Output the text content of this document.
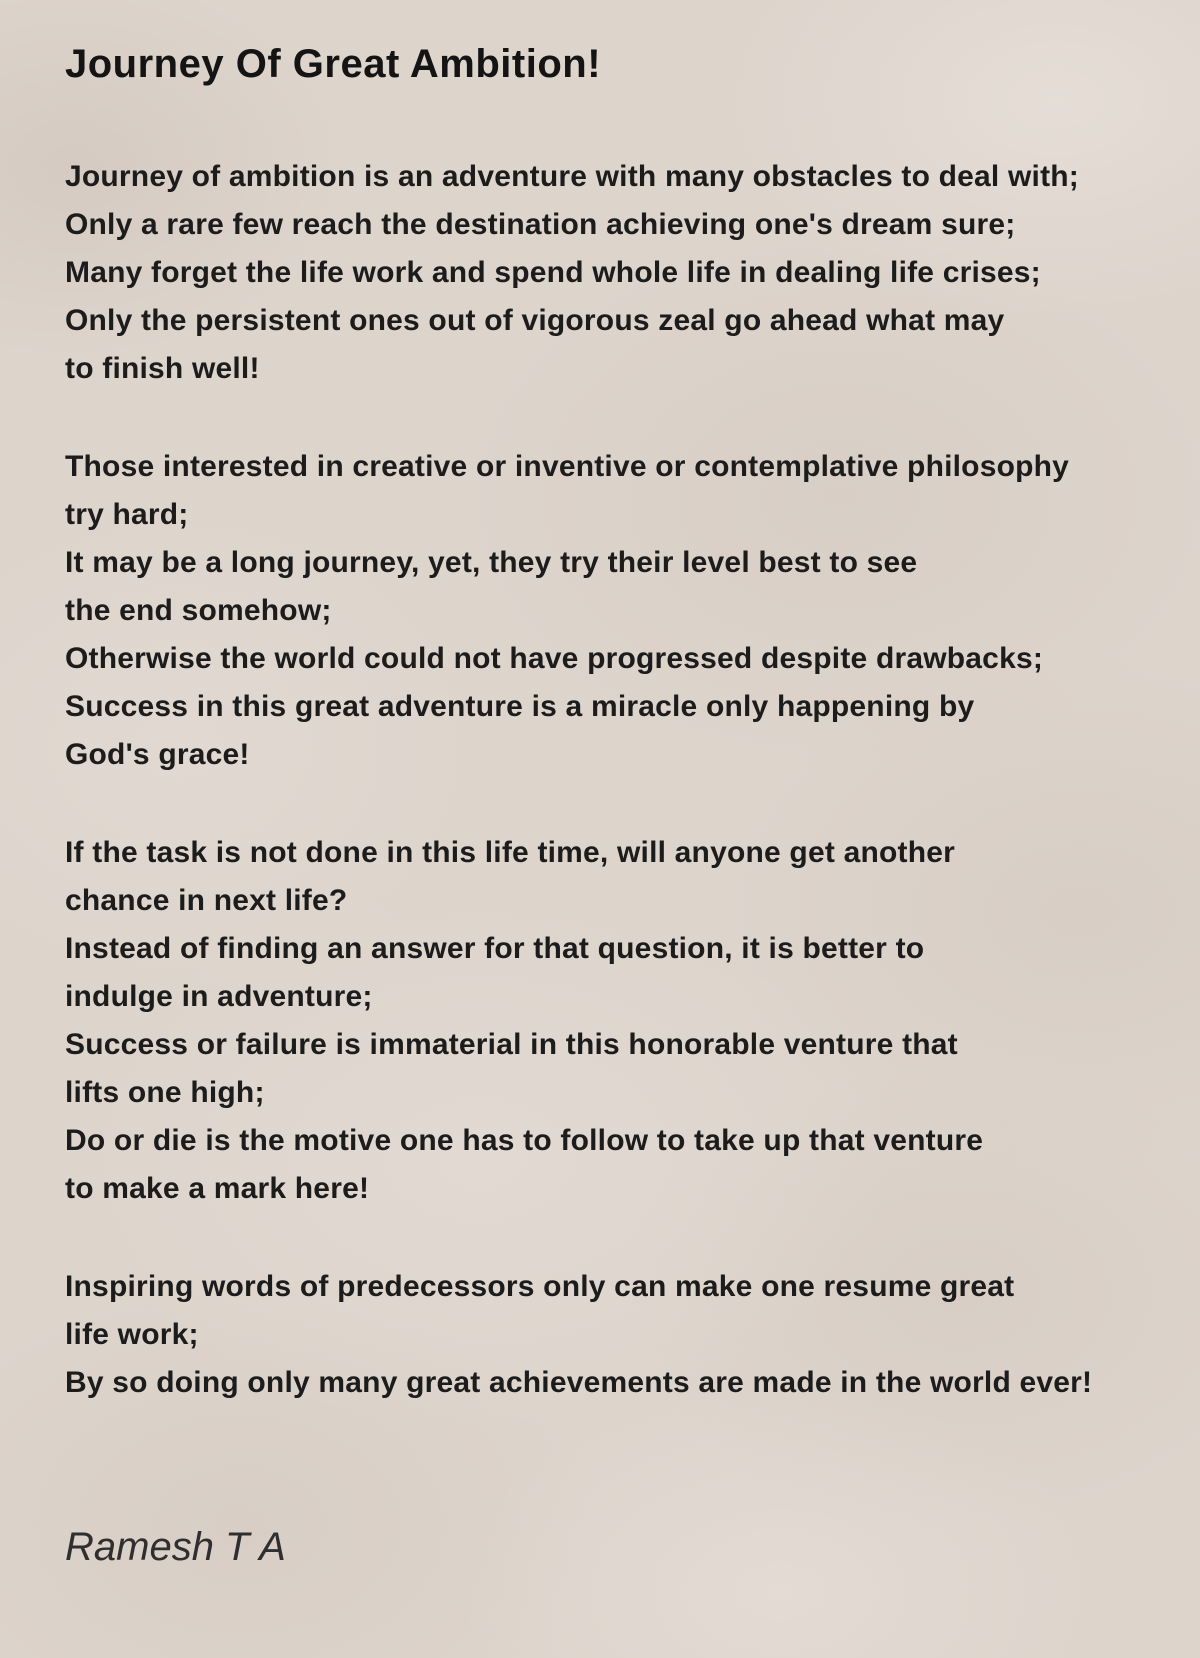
Journey Of Great Ambition!
Journey of ambition is an adventure with many obstacles to deal with;
Only a rare few reach the destination achieving one's dream sure;
Many forget the life work and spend whole life in dealing life crises;
Only the persistent ones out of vigorous zeal go ahead what may
to finish well!
Those interested in creative or inventive or contemplative philosophy
try hard;
It may be a long journey, yet, they try their level best to see
the end somehow;
Otherwise the world could not have progressed despite drawbacks;
Success in this great adventure is a miracle only happening by
God's grace!
If the task is not done in this life time, will anyone get another
chance in next life?
Instead of finding an answer for that question, it is better to
indulge in adventure;
Success or failure is immaterial in this honorable venture that
lifts one high;
Do or die is the motive one has to follow to take up that venture
to make a mark here!
Inspiring words of predecessors only can make one resume great
life work;
By so doing only many great achievements are made in the world ever!
Ramesh T A
